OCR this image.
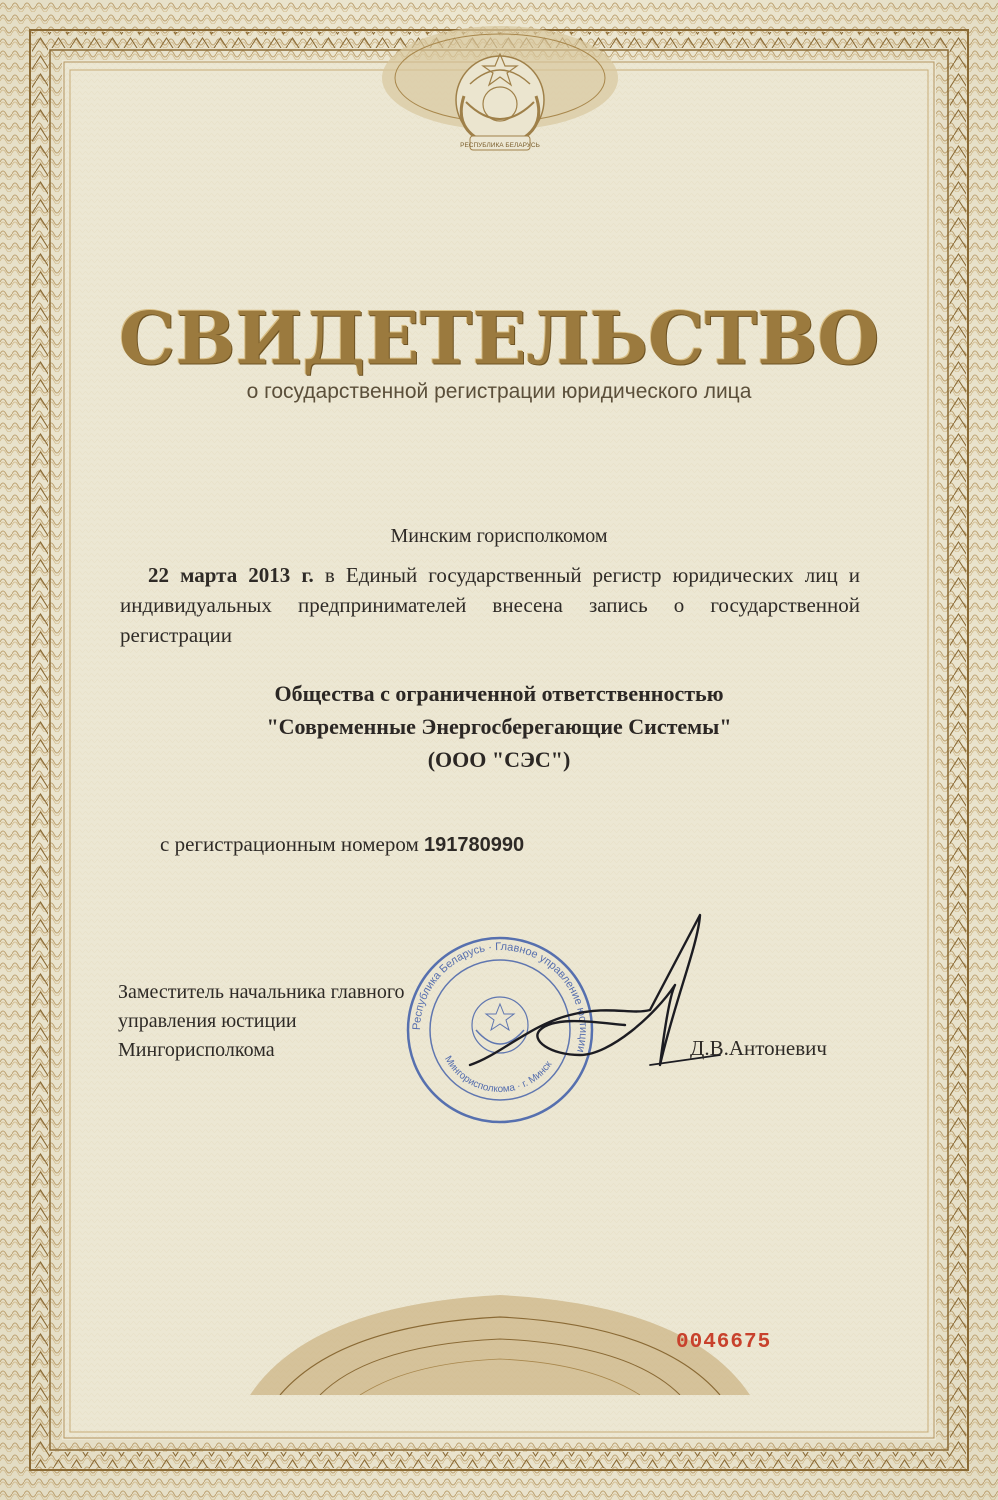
РЕСПУБЛИКА БЕЛАРУСЬ
СВИДЕТЕЛЬСТВО
о государственной регистрации юридического лица
Минским горисполкомом
22 марта 2013 г. в Единый государственный регистр юридических лиц и индивидуальных предпринимателей внесена запись о государственной регистрации
Общества с ограниченной ответственностью
"Современные Энергосберегающие Системы"
(ООО "СЭС")
с регистрационным номером 191780990
Заместитель начальника главного
управления юстиции
Мингорисполкома
Республика Беларусь · Главное управление юстиции
Мингорисполкома · г. Минск
Д.В.Антоневич
0046675
